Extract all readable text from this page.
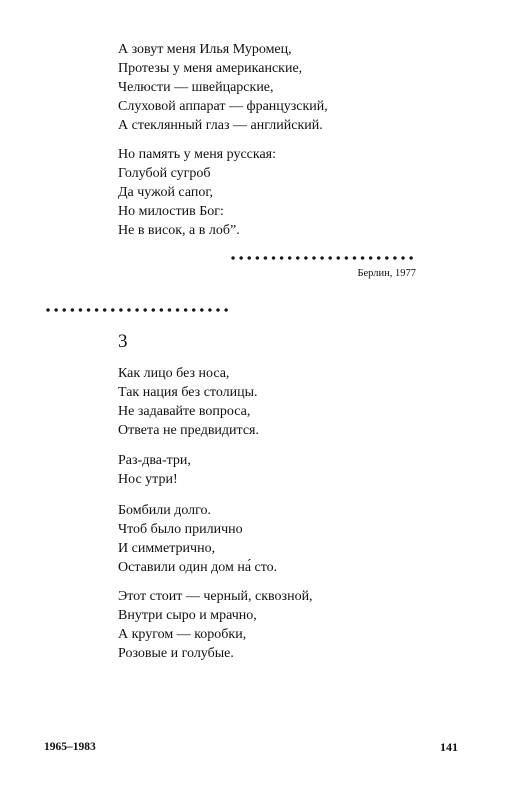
А зовут меня Илья Муромец,
Протезы у меня американские,
Челюсти — швейцарские,
Слуховой аппарат — французский,
А стеклянный глаз — английский.
Но память у меня русская:
Голубой сугроб
Да чужой сапог,
Но милостив Бог:
Не в висок, а в лоб”.
Берлин, 1977
3
Как лицо без носа,
Так нация без столицы.
Не задавайте вопроса,
Ответа не предвидится.
Раз-два-три,
Нос утри!
Бомбили долго.
Чтоб было прилично
И симметрично,
Оставили один дом на́ сто.
Этот стоит — черный, сквозной,
Внутри сыро и мрачно,
А кругом — коробки,
Розовые и голубые.
1965–1983	141
